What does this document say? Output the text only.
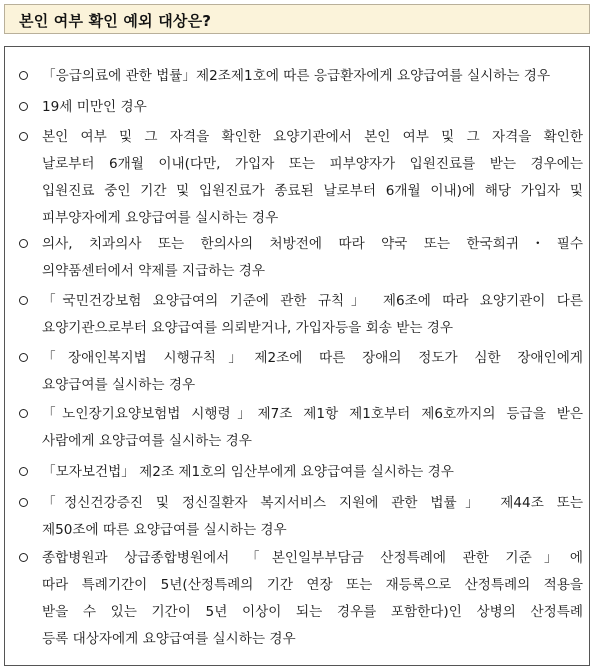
본인 여부 확인 예외 대상은?
「응급의료에 관한 법률」제2조제1호에 따른 응급환자에게 요양급여를 실시하는 경우
19세 미만인 경우
본인 여부 및 그 자격을 확인한 요양기관에서 본인 여부 및 그 자격을 확인한
날로부터 6개월 이내(다만, 가입자 또는 피부양자가 입원진료를 받는 경우에는
입원진료 중인 기간 및 입원진료가 종료된 날로부터 6개월 이내)에 해당 가입자 및
피부양자에게 요양급여를 실시하는 경우
의사, 치과의사 또는 한의사의 처방전에 따라 약국 또는 한국희귀・필수
의약품센터에서 약제를 지급하는 경우
「국민건강보험 요양급여의 기준에 관한 규칙」 제6조에 따라 요양기관이 다른
요양기관으로부터 요양급여를 의뢰받거나, 가입자등을 회송 받는 경우
「장애인복지법 시행규칙」제2조에 따른 장애의 정도가 심한 장애인에게
요양급여를 실시하는 경우
「노인장기요양보험법 시행령」제7조 제1항 제1호부터 제6호까지의 등급을 받은
사람에게 요양급여를 실시하는 경우
「모자보건법」 제2조 제1호의 임산부에게 요양급여를 실시하는 경우
「정신건강증진 및 정신질환자 복지서비스 지원에 관한 법률」 제44조 또는
제50조에 따른 요양급여를 실시하는 경우
종합병원과 상급종합병원에서 「본인일부부담금 산정특례에 관한 기준」에
따라 특례기간이 5년(산정특례의 기간 연장 또는 재등록으로 산정특례의 적용을
받을 수 있는 기간이 5년 이상이 되는 경우를 포함한다)인 상병의 산정특례
등록 대상자에게 요양급여를 실시하는 경우
